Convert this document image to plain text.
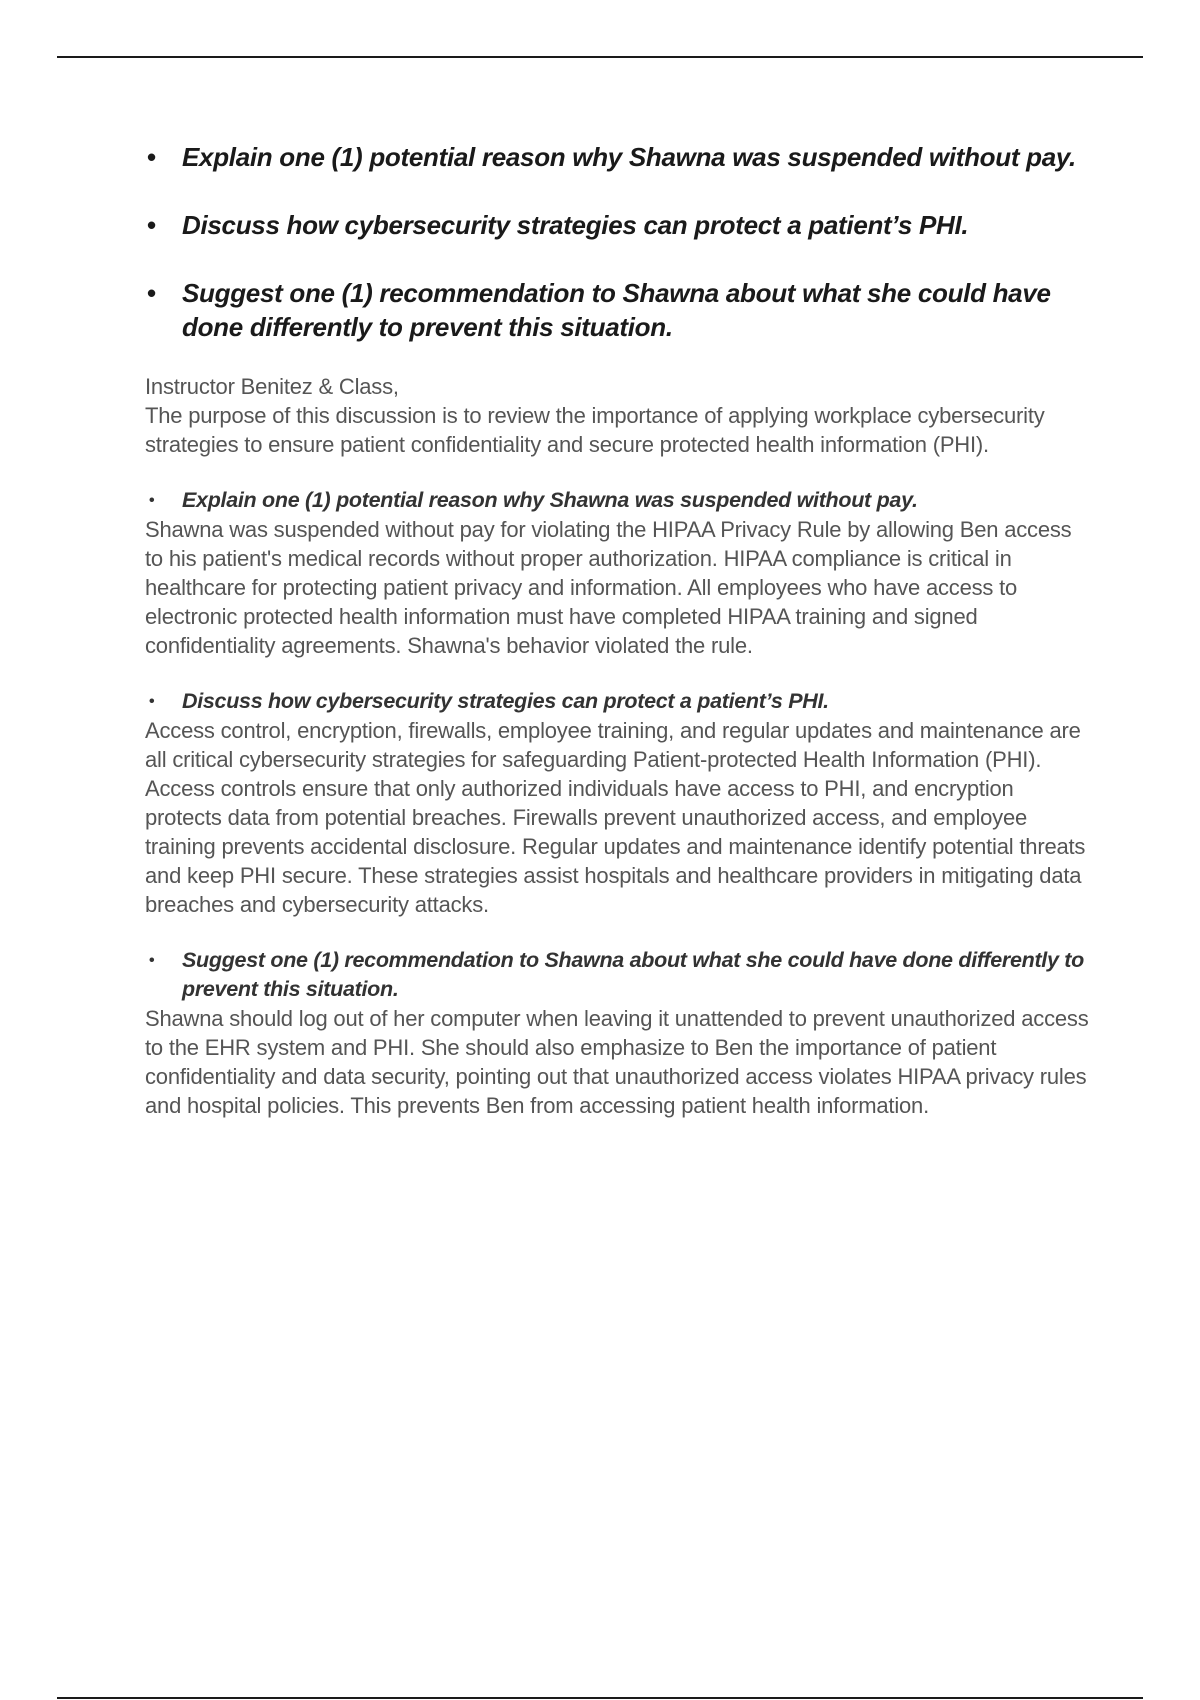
• Explain one (1) potential reason why Shawna was suspended without pay.
• Discuss how cybersecurity strategies can protect a patient’s PHI.
• Suggest one (1) recommendation to Shawna about what she could have done differently to prevent this situation.

Instructor Benitez & Class,

The purpose of this discussion is to review the importance of applying workplace cybersecurity strategies to ensure patient confidentiality and secure protected health information (PHI).

• Explain one (1) potential reason why Shawna was suspended without pay.

Shawna was suspended without pay for violating the HIPAA Privacy Rule by allowing Ben access to his patient's medical records without proper authorization. HIPAA compliance is critical in healthcare for protecting patient privacy and information. All employees who have access to electronic protected health information must have completed HIPAA training and signed confidentiality agreements. Shawna's behavior violated the rule.

• Discuss how cybersecurity strategies can protect a patient’s PHI.

Access control, encryption, firewalls, employee training, and regular updates and maintenance are all critical cybersecurity strategies for safeguarding Patient-protected Health Information (PHI). Access controls ensure that only authorized individuals have access to PHI, and encryption protects data from potential breaches. Firewalls prevent unauthorized access, and employee training prevents accidental disclosure. Regular updates and maintenance identify potential threats and keep PHI secure. These strategies assist hospitals and healthcare providers in mitigating data breaches and cybersecurity attacks.

• Suggest one (1) recommendation to Shawna about what she could have done differently to prevent this situation.

Shawna should log out of her computer when leaving it unattended to prevent unauthorized access to the EHR system and PHI. She should also emphasize to Ben the importance of patient confidentiality and data security, pointing out that unauthorized access violates HIPAA privacy rules and hospital policies. This prevents Ben from accessing patient health information.
